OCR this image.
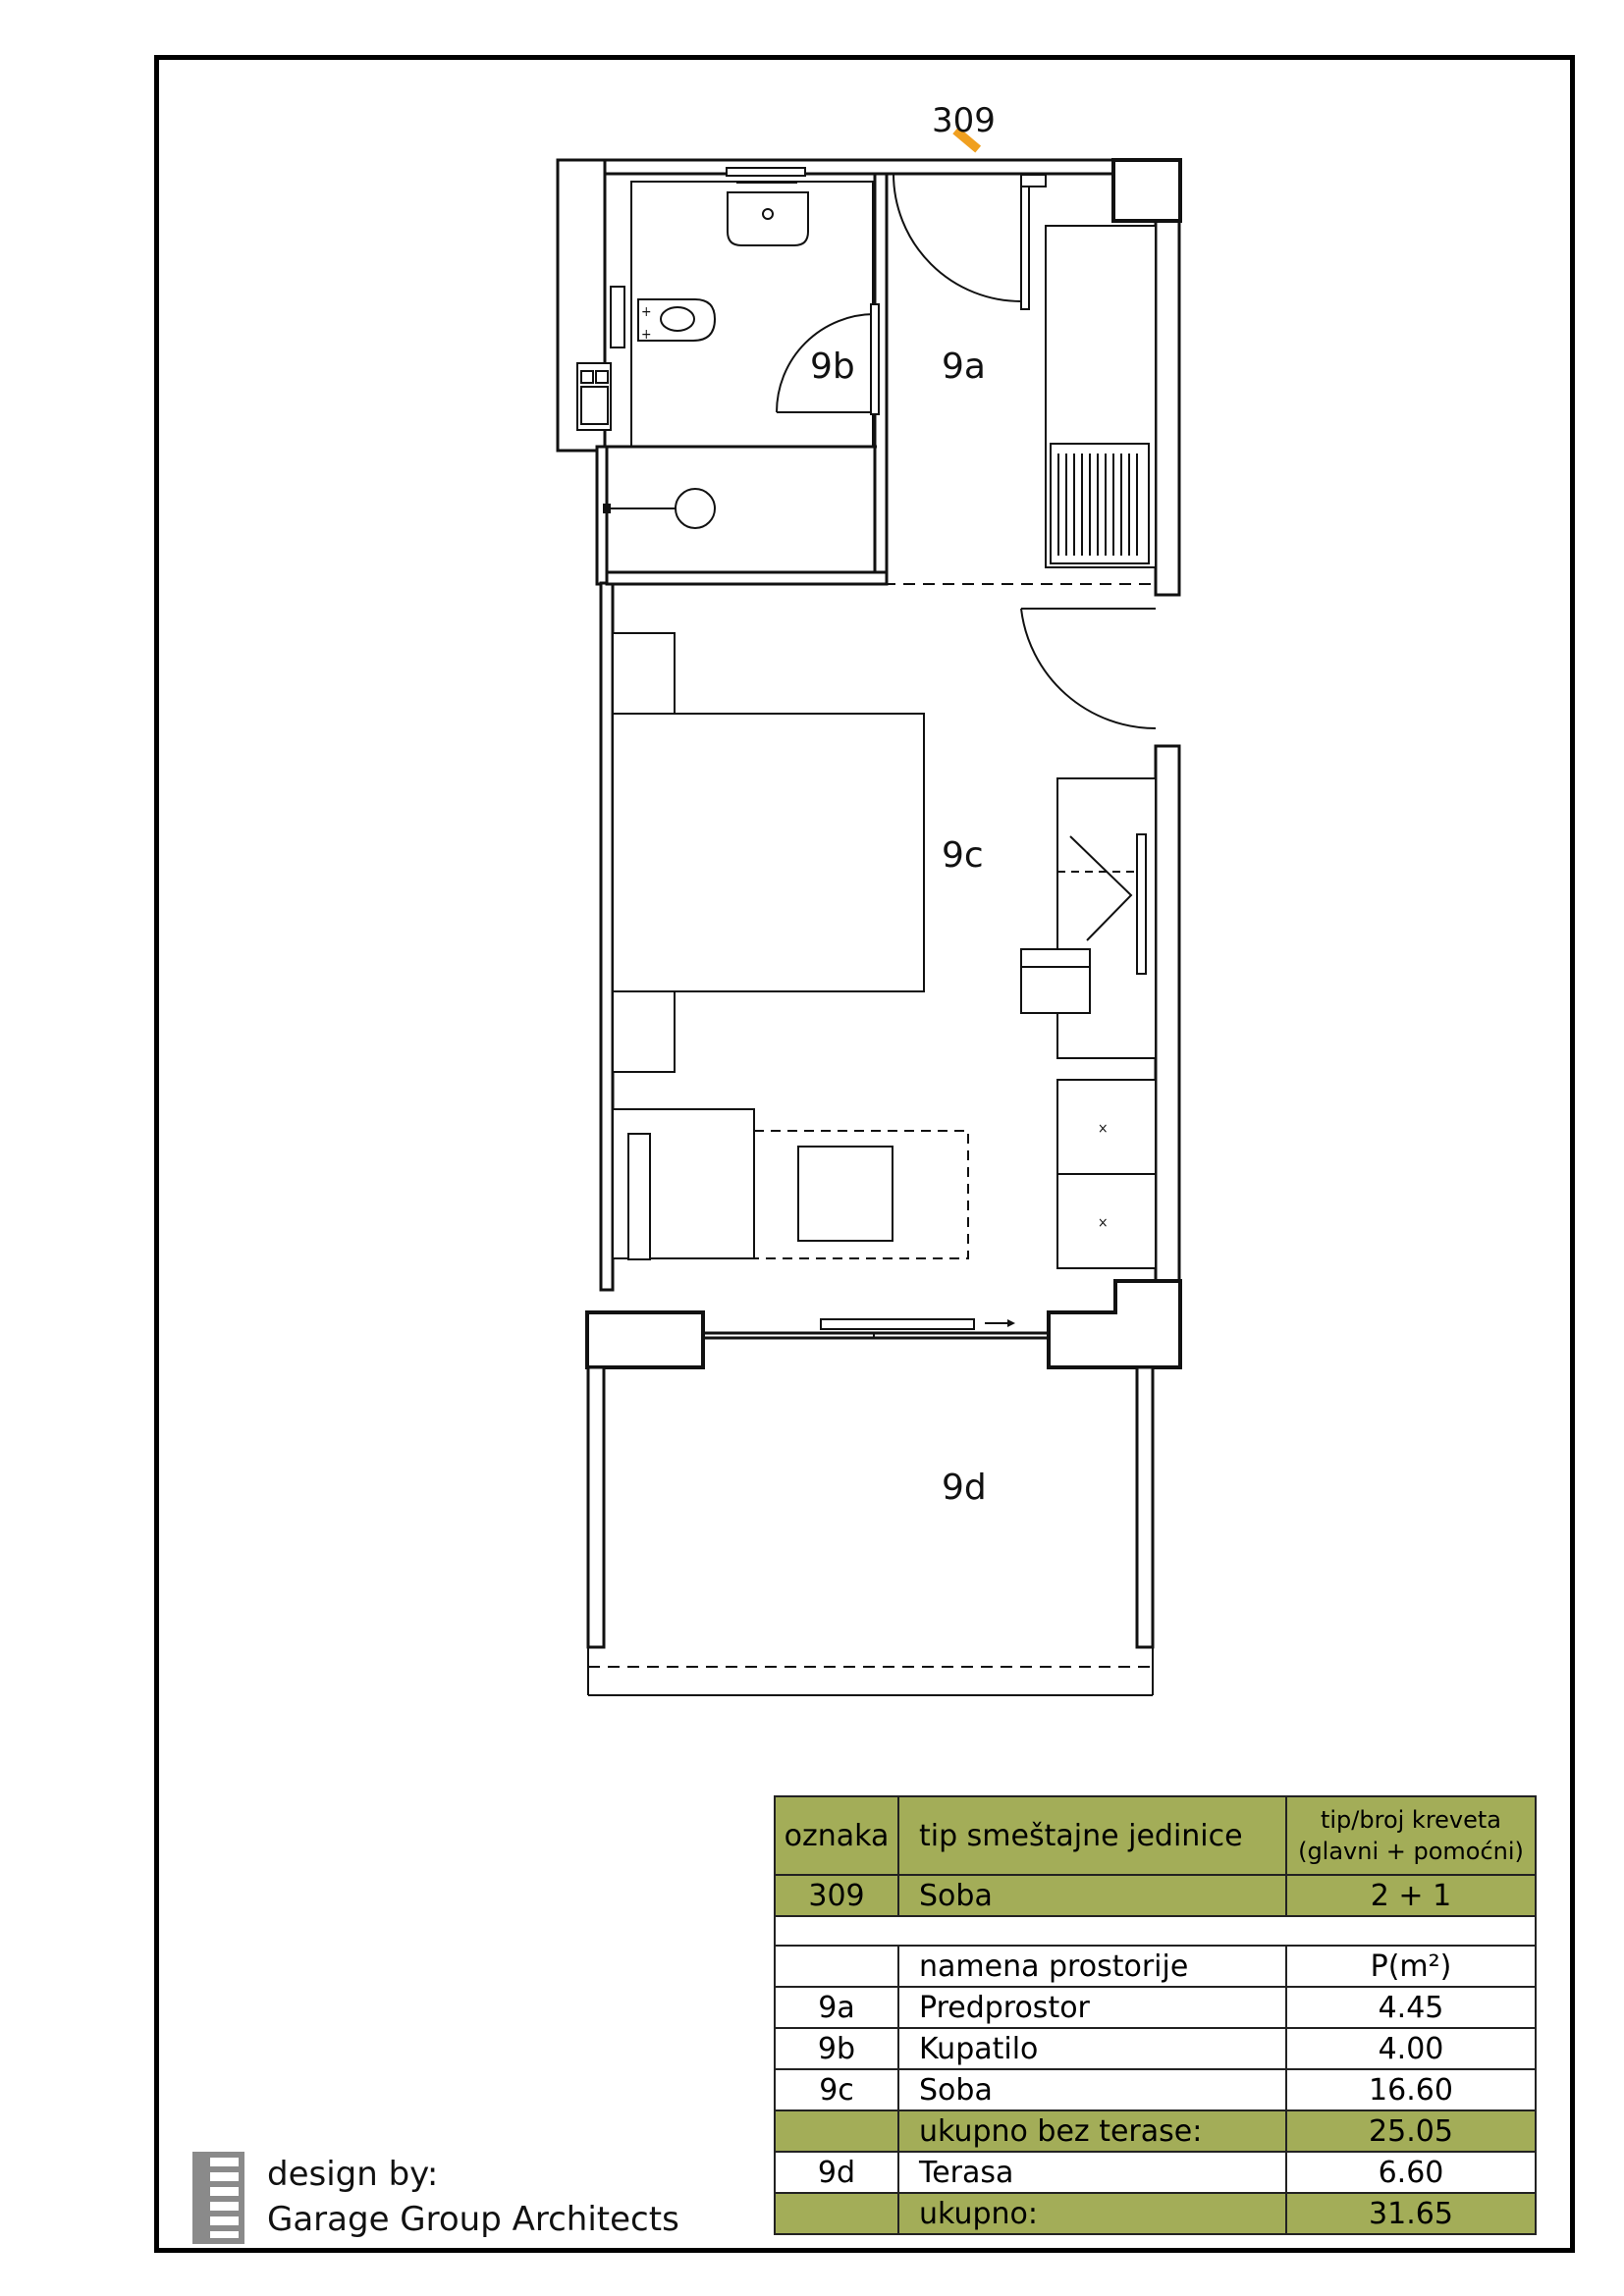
+
+
×
×
309
9a
9b
9c
9d
oznaka	tip smeštajne jedinice	tip/broj kreveta
(glavni + pomoćni)

309	Soba	2 + 1

	namena prostorije	P(m²)
9a	Predprostor	4.45
9b	Kupatilo	4.00
9c	Soba	16.60
	ukupno bez terase:	25.05
9d	Terasa	6.60
	ukupno:	31.65
design by:
Garage Group Architects
